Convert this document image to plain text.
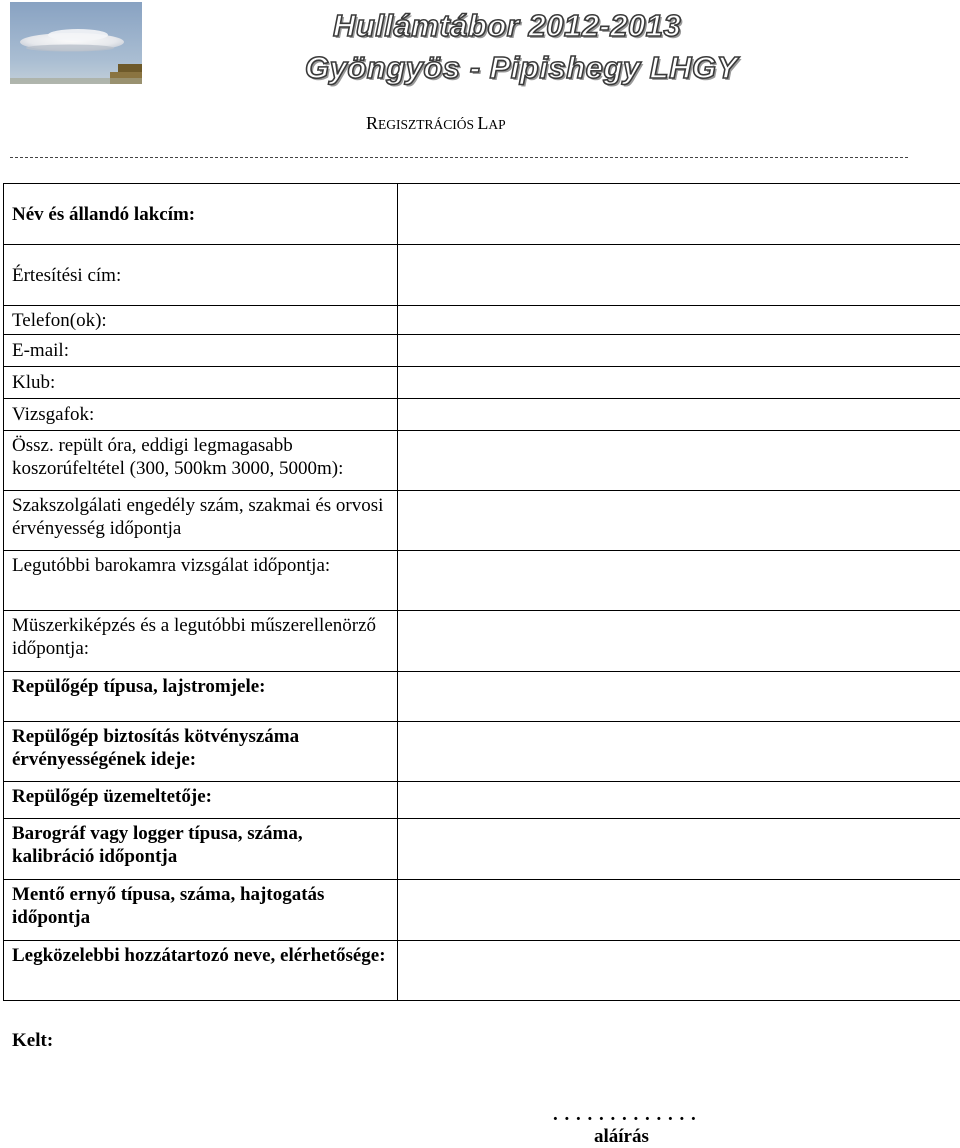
Hullámtábor 2012-2013
Gyöngyös - Pipishegy LHGY
REGISZTRÁCIÓS LAP
Név és állandó lakcím:	
Értesítési cím:	
Telefon(ok):	
E-mail:	
Klub:	
Vizsgafok:	
Össz. repült óra, eddigi legmagasabb koszorúfeltétel (300, 500km 3000, 5000m):	
Szakszolgálati engedély szám, szakmai és orvosi érvényesség időpontja	
Legutóbbi barokamra vizsgálat időpontja:	
Müszerkiképzés és a legutóbbi műszerellenörző időpontja:	
Repülőgép típusa, lajstromjele:	
Repülőgép biztosítás kötvényszáma érvényességének ideje:	
Repülőgép üzemeltetője:	
Barográf vagy logger típusa, száma, kalibráció időpontja	
Mentő ernyő típusa, száma, hajtogatás időpontja	
Legközelebbi hozzátartozó neve, elérhetősége:	
Kelt:
. . . . . . . . . . . . .
aláírás
